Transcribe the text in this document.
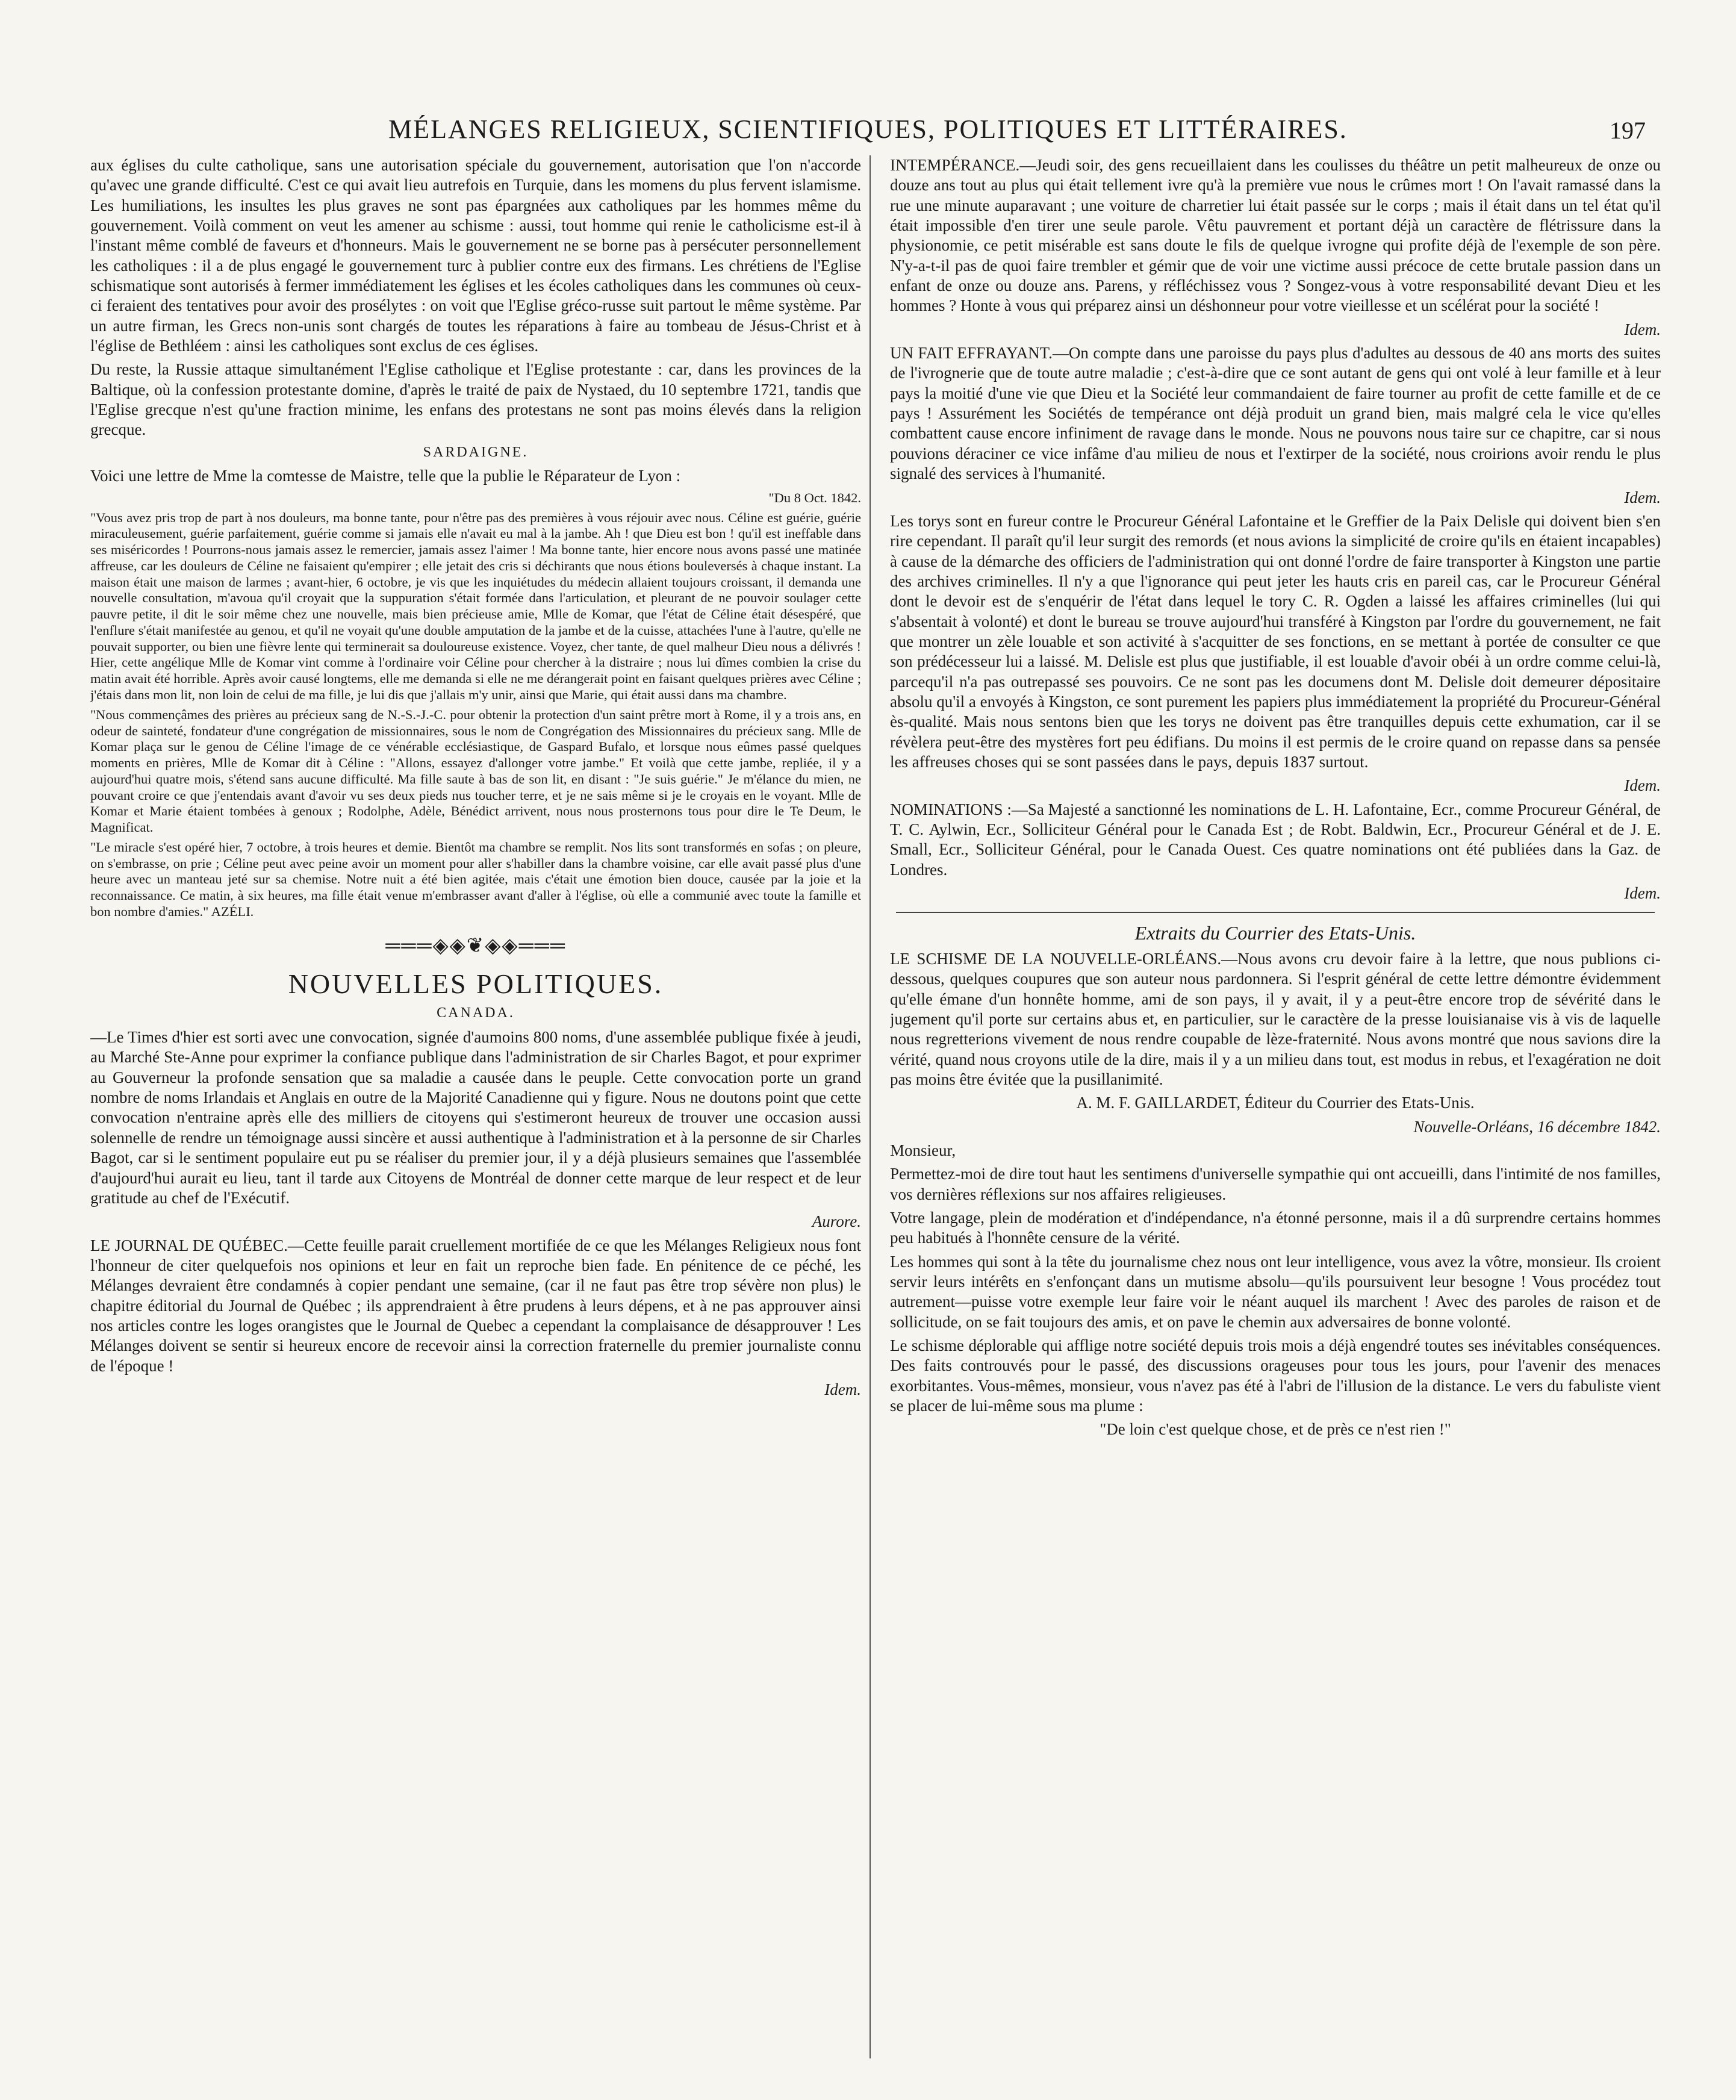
MÉLANGES RELIGIEUX, SCIENTIFIQUES, POLITIQUES ET LITTÉRAIRES.	197

aux églises du culte catholique, sans une autorisation spéciale du gouvernement, autorisation que l'on n'accorde qu'avec une grande difficulté. C'est ce qui avait lieu autrefois en Turquie, dans les momens du plus fervent islamisme. Les humiliations, les insultes les plus graves ne sont pas épargnées aux catholiques par les hommes même du gouvernement. Voilà comment on veut les amener au schisme : aussi, tout homme qui renie le catholicisme est-il à l'instant même comblé de faveurs et d'honneurs. Mais le gouvernement ne se borne pas à persécuter personnellement les catholiques : il a de plus engagé le gouvernement turc à publier contre eux des firmans. Les chrétiens de l'Eglise schismatique sont autorisés à fermer immédiatement les églises et les écoles catholiques dans les communes où ceux-ci feraient des tentatives pour avoir des prosélytes : on voit que l'Eglise gréco-russe suit partout le même système. Par un autre firman, les Grecs non-unis sont chargés de toutes les réparations à faire au tombeau de Jésus-Christ et à l'église de Bethléem : ainsi les catholiques sont exclus de ces églises.

Du reste, la Russie attaque simultanément l'Eglise catholique et l'Eglise protestante : car, dans les provinces de la Baltique, où la confession protestante domine, d'après le traité de paix de Nystaed, du 10 septembre 1721, tandis que l'Eglise grecque n'est qu'une fraction minime, les enfans des protestans ne sont pas moins élevés dans la religion grecque.

SARDAIGNE.

Voici une lettre de Mme la comtesse de Maistre, telle que la publie le Réparateur de Lyon :

"Du 8 Oct. 1842.

"Vous avez pris trop de part à nos douleurs, ma bonne tante, pour n'être pas des premières à vous réjouir avec nous. Céline est guérie, guérie miraculeusement, guérie parfaitement, guérie comme si jamais elle n'avait eu mal à la jambe. Ah ! que Dieu est bon ! qu'il est ineffable dans ses miséricordes ! Pourrons-nous jamais assez le remercier, jamais assez l'aimer ! Ma bonne tante, hier encore nous avons passé une matinée affreuse, car les douleurs de Céline ne faisaient qu'empirer ; elle jetait des cris si déchirants que nous étions bouleversés à chaque instant. La maison était une maison de larmes ; avant-hier, 6 octobre, je vis que les inquiétudes du médecin allaient toujours croissant, il demanda une nouvelle consultation, m'avoua qu'il croyait que la suppuration s'était formée dans l'articulation, et pleurant de ne pouvoir soulager cette pauvre petite, il dit le soir même chez une nouvelle, mais bien précieuse amie, Mlle de Komar, que l'état de Céline était désespéré, que l'enflure s'était manifestée au genou, et qu'il ne voyait qu'une double amputation de la jambe et de la cuisse, attachées l'une à l'autre, qu'elle ne pouvait supporter, ou bien une fièvre lente qui terminerait sa douloureuse existence. Voyez, cher tante, de quel malheur Dieu nous a délivrés ! Hier, cette angélique Mlle de Komar vint comme à l'ordinaire voir Céline pour chercher à la distraire ; nous lui dîmes combien la crise du matin avait été horrible. Après avoir causé longtems, elle me demanda si elle ne me dérangerait point en faisant quelques prières avec Céline ; j'étais dans mon lit, non loin de celui de ma fille, je lui dis que j'allais m'y unir, ainsi que Marie, qui était aussi dans ma chambre.

"Nous commençâmes des prières au précieux sang de N.-S.-J.-C. pour obtenir la protection d'un saint prêtre mort à Rome, il y a trois ans, en odeur de sainteté, fondateur d'une congrégation de missionnaires, sous le nom de Congrégation des Missionnaires du précieux sang. Mlle de Komar plaça sur le genou de Céline l'image de ce vénérable ecclésiastique, de Gaspard Bufalo, et lorsque nous eûmes passé quelques moments en prières, Mlle de Komar dit à Céline : "Allons, essayez d'allonger votre jambe." Et voilà que cette jambe, repliée, il y a aujourd'hui quatre mois, s'étend sans aucune difficulté. Ma fille saute à bas de son lit, en disant : "Je suis guérie." Je m'élance du mien, ne pouvant croire ce que j'entendais avant d'avoir vu ses deux pieds nus toucher terre, et je ne sais même si je le croyais en le voyant. Mlle de Komar et Marie étaient tombées à genoux ; Rodolphe, Adèle, Bénédict arrivent, nous nous prosternons tous pour dire le Te Deum, le Magnificat.

"Le miracle s'est opéré hier, 7 octobre, à trois heures et demie. Bientôt ma chambre se remplit. Nos lits sont transformés en sofas ; on pleure, on s'embrasse, on prie ; Céline peut avec peine avoir un moment pour aller s'habiller dans la chambre voisine, car elle avait passé plus d'une heure avec un manteau jeté sur sa chemise. Notre nuit a été bien agitée, mais c'était une émotion bien douce, causée par la joie et la reconnaissance. Ce matin, à six heures, ma fille était venue m'embrasser avant d'aller à l'église, où elle a communié avec toute la famille et bon nombre d'amies." AZÉLI.

═══◈◈❦◈◈═══
NOUVELLES POLITIQUES.
CANADA.

—Le Times d'hier est sorti avec une convocation, signée d'aumoins 800 noms, d'une assemblée publique fixée à jeudi, au Marché Ste-Anne pour exprimer la confiance publique dans l'administration de sir Charles Bagot, et pour exprimer au Gouverneur la profonde sensation que sa maladie a causée dans le peuple. Cette convocation porte un grand nombre de noms Irlandais et Anglais en outre de la Majorité Canadienne qui y figure. Nous ne doutons point que cette convocation n'entraine après elle des milliers de citoyens qui s'estimeront heureux de trouver une occasion aussi solennelle de rendre un témoignage aussi sincère et aussi authentique à l'administration et à la personne de sir Charles Bagot, car si le sentiment populaire eut pu se réaliser du premier jour, il y a déjà plusieurs semaines que l'assemblée d'aujourd'hui aurait eu lieu, tant il tarde aux Citoyens de Montréal de donner cette marque de leur respect et de leur gratitude au chef de l'Exécutif.

Aurore.

LE JOURNAL DE QUÉBEC.—Cette feuille parait cruellement mortifiée de ce que les Mélanges Religieux nous font l'honneur de citer quelquefois nos opinions et leur en fait un reproche bien fade. En pénitence de ce péché, les Mélanges devraient être condamnés à copier pendant une semaine, (car il ne faut pas être trop sévère non plus) le chapitre éditorial du Journal de Québec ; ils apprendraient à être prudens à leurs dépens, et à ne pas approuver ainsi nos articles contre les loges orangistes que le Journal de Quebec a cependant la complaisance de désapprouver ! Les Mélanges doivent se sentir si heureux encore de recevoir ainsi la correction fraternelle du premier journaliste connu de l'époque !

Idem.

INTEMPÉRANCE.—Jeudi soir, des gens recueillaient dans les coulisses du théâtre un petit malheureux de onze ou douze ans tout au plus qui était tellement ivre qu'à la première vue nous le crûmes mort ! On l'avait ramassé dans la rue une minute auparavant ; une voiture de charretier lui était passée sur le corps ; mais il était dans un tel état qu'il était impossible d'en tirer une seule parole. Vêtu pauvrement et portant déjà un caractère de flétrissure dans la physionomie, ce petit misérable est sans doute le fils de quelque ivrogne qui profite déjà de l'exemple de son père. N'y-a-t-il pas de quoi faire trembler et gémir que de voir une victime aussi précoce de cette brutale passion dans un enfant de onze ou douze ans. Parens, y réfléchissez vous ? Songez-vous à votre responsabilité devant Dieu et les hommes ? Honte à vous qui préparez ainsi un déshonneur pour votre vieillesse et un scélérat pour la société !

Idem.

UN FAIT EFFRAYANT.—On compte dans une paroisse du pays plus d'adultes au dessous de 40 ans morts des suites de l'ivrognerie que de toute autre maladie ; c'est-à-dire que ce sont autant de gens qui ont volé à leur famille et à leur pays la moitié d'une vie que Dieu et la Société leur commandaient de faire tourner au profit de cette famille et de ce pays ! Assurément les Sociétés de tempérance ont déjà produit un grand bien, mais malgré cela le vice qu'elles combattent cause encore infiniment de ravage dans le monde. Nous ne pouvons nous taire sur ce chapitre, car si nous pouvions déraciner ce vice infâme d'au milieu de nous et l'extirper de la société, nous croirions avoir rendu le plus signalé des services à l'humanité.

Idem.

Les torys sont en fureur contre le Procureur Général Lafontaine et le Greffier de la Paix Delisle qui doivent bien s'en rire cependant. Il paraît qu'il leur surgit des remords (et nous avions la simplicité de croire qu'ils en étaient incapables) à cause de la démarche des officiers de l'administration qui ont donné l'ordre de faire transporter à Kingston une partie des archives criminelles. Il n'y a que l'ignorance qui peut jeter les hauts cris en pareil cas, car le Procureur Général dont le devoir est de s'enquérir de l'état dans lequel le tory C. R. Ogden a laissé les affaires criminelles (lui qui s'absentait à volonté) et dont le bureau se trouve aujourd'hui transféré à Kingston par l'ordre du gouvernement, ne fait que montrer un zèle louable et son activité à s'acquitter de ses fonctions, en se mettant à portée de consulter ce que son prédécesseur lui a laissé. M. Delisle est plus que justifiable, il est louable d'avoir obéi à un ordre comme celui-là, parcequ'il n'a pas outrepassé ses pouvoirs. Ce ne sont pas les documens dont M. Delisle doit demeurer dépositaire absolu qu'il a envoyés à Kingston, ce sont purement les papiers plus immédiatement la propriété du Procureur-Général ès-qualité. Mais nous sentons bien que les torys ne doivent pas être tranquilles depuis cette exhumation, car il se révèlera peut-être des mystères fort peu édifians. Du moins il est permis de le croire quand on repasse dans sa pensée les affreuses choses qui se sont passées dans le pays, depuis 1837 surtout.

Idem.

NOMINATIONS :—Sa Majesté a sanctionné les nominations de L. H. Lafontaine, Ecr., comme Procureur Général, de T. C. Aylwin, Ecr., Solliciteur Général pour le Canada Est ; de Robt. Baldwin, Ecr., Procureur Général et de J. E. Small, Ecr., Solliciteur Général, pour le Canada Ouest. Ces quatre nominations ont été publiées dans la Gaz. de Londres.

Idem.

Extraits du Courrier des Etats-Unis.

LE SCHISME DE LA NOUVELLE-ORLÉANS.—Nous avons cru devoir faire à la lettre, que nous publions ci-dessous, quelques coupures que son auteur nous pardonnera. Si l'esprit général de cette lettre démontre évidemment qu'elle émane d'un honnête homme, ami de son pays, il y avait, il y a peut-être encore trop de sévérité dans le jugement qu'il porte sur certains abus et, en particulier, sur le caractère de la presse louisianaise vis à vis de laquelle nous regretterions vivement de nous rendre coupable de lèze-fraternité. Nous avons montré que nous savions dire la vérité, quand nous croyons utile de la dire, mais il y a un milieu dans tout, est modus in rebus, et l'exagération ne doit pas moins être évitée que la pusillanimité.

A. M. F. GAILLARDET, Éditeur du Courrier des Etats-Unis.

Nouvelle-Orléans, 16 décembre 1842.

Monsieur,

Permettez-moi de dire tout haut les sentimens d'universelle sympathie qui ont accueilli, dans l'intimité de nos familles, vos dernières réflexions sur nos affaires religieuses.

Votre langage, plein de modération et d'indépendance, n'a étonné personne, mais il a dû surprendre certains hommes peu habitués à l'honnête censure de la vérité.

Les hommes qui sont à la tête du journalisme chez nous ont leur intelligence, vous avez la vôtre, monsieur. Ils croient servir leurs intérêts en s'enfonçant dans un mutisme absolu—qu'ils poursuivent leur besogne ! Vous procédez tout autrement—puisse votre exemple leur faire voir le néant auquel ils marchent ! Avec des paroles de raison et de sollicitude, on se fait toujours des amis, et on pave le chemin aux adversaires de bonne volonté.

Le schisme déplorable qui afflige notre société depuis trois mois a déjà engendré toutes ses inévitables conséquences. Des faits controuvés pour le passé, des discussions orageuses pour tous les jours, pour l'avenir des menaces exorbitantes. Vous-mêmes, monsieur, vous n'avez pas été à l'abri de l'illusion de la distance. Le vers du fabuliste vient se placer de lui-même sous ma plume :

"De loin c'est quelque chose, et de près ce n'est rien !"
